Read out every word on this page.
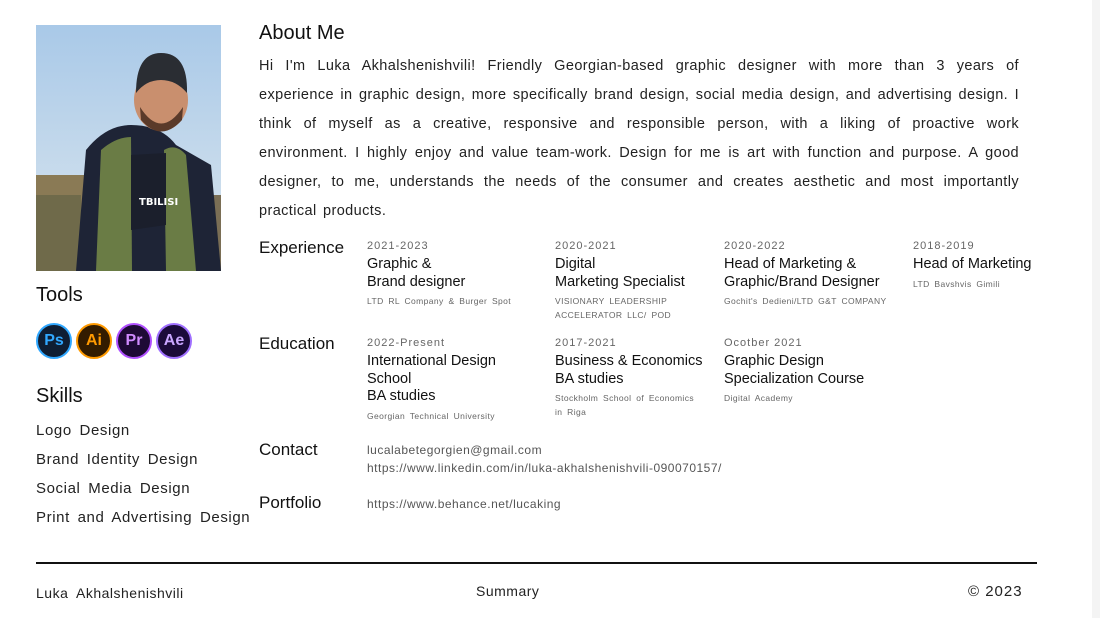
TBILISI
Tools
Ps Ai Pr Ae
Skills
Logo Design
Brand Identity Design
Social Media Design
Print and Advertising Design
About Me

Hi I'm Luka Akhalshenishvili! Friendly Georgian-based graphic designer with more than 3 years of experience in graphic design, more specifically brand design, social media design, and advertising design. I think of myself as a creative, responsive and responsible person, with a liking of proactive work environment. I highly enjoy and value team-work. Design for me is art with function and purpose. A good designer, to me, understands the needs of the consumer and creates aesthetic and most importantly practical products.

Experience 2021-2023
Graphic &
Brand designer
LTD RL Company & Burger Spot
2020-2021
Digital
Marketing Specialist
VISIONARY LEADERSHIP
ACCELERATOR LLC/ POD
2020-2022
Head of Marketing &
Graphic/Brand Designer
Gochit's Dedieni/LTD G&T COMPANY
2018-2019
Head of Marketing
LTD Bavshvis Gimili
Education	2022-Present
International Design
School
BA studies
Georgian Technical University
2017-2021
Business & Economics
BA studies
Stockholm School of Economics
in Riga
Ocotber 2021
Graphic Design
Specialization Course
Digital Academy
Contact	lucalabetegorgien@gmail.com
https://www.linkedin.com/in/luka-akhalshenishvili-090070157/
Portfolio	https://www.behance.net/lucaking
Luka Akhalshenishvili	Summary	© 2023
